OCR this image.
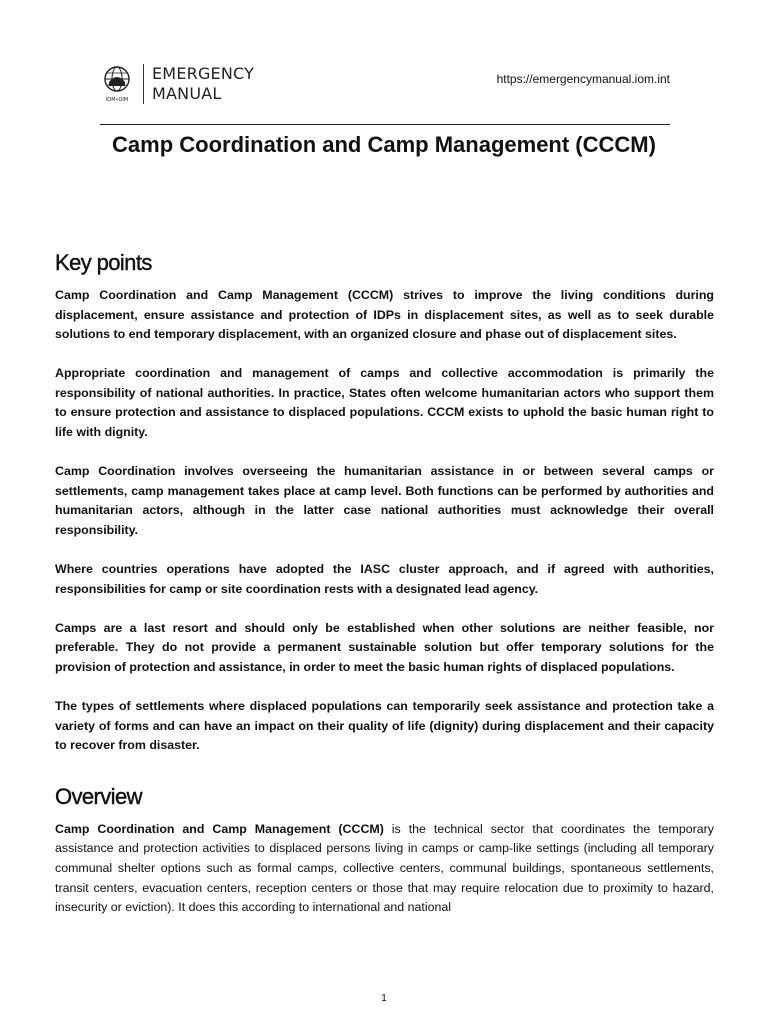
IOM•OIM
EMERGENCY
MANUAL
https://emergencymanual.iom.int
Camp Coordination and Camp Management (CCCM)
Key points

Camp Coordination and Camp Management (CCCM) strives to improve the living conditions during displacement, ensure assistance and protection of IDPs in displacement sites, as well as to seek durable solutions to end temporary displacement, with an organized closure and phase out of displacement sites.

Appropriate coordination and management of camps and collective accommodation is primarily the responsibility of national authorities. In practice, States often welcome humanitarian actors who support them to ensure protection and assistance to displaced populations. CCCM exists to uphold the basic human right to life with dignity.

Camp Coordination involves overseeing the humanitarian assistance in or between several camps or settlements, camp management takes place at camp level. Both functions can be performed by authorities and humanitarian actors, although in the latter case national authorities must acknowledge their overall responsibility.

Where countries operations have adopted the IASC cluster approach, and if agreed with authorities, responsibilities for camp or site coordination rests with a designated lead agency.

Camps are a last resort and should only be established when other solutions are neither feasible, nor preferable. They do not provide a permanent sustainable solution but offer temporary solutions for the provision of protection and assistance, in order to meet the basic human rights of displaced populations.

The types of settlements where displaced populations can temporarily seek assistance and protection take a variety of forms and can have an impact on their quality of life (dignity) during displacement and their capacity to recover from disaster.

Overview

Camp Coordination and Camp Management (CCCM) is the technical sector that coordinates the temporary assistance and protection activities to displaced persons living in camps or camp-like settings (including all temporary communal shelter options such as formal camps, collective centers, communal buildings, spontaneous settlements, transit centers, evacuation centers, reception centers or those that may require relocation due to proximity to hazard, insecurity or eviction). It does this according to international and national

1
